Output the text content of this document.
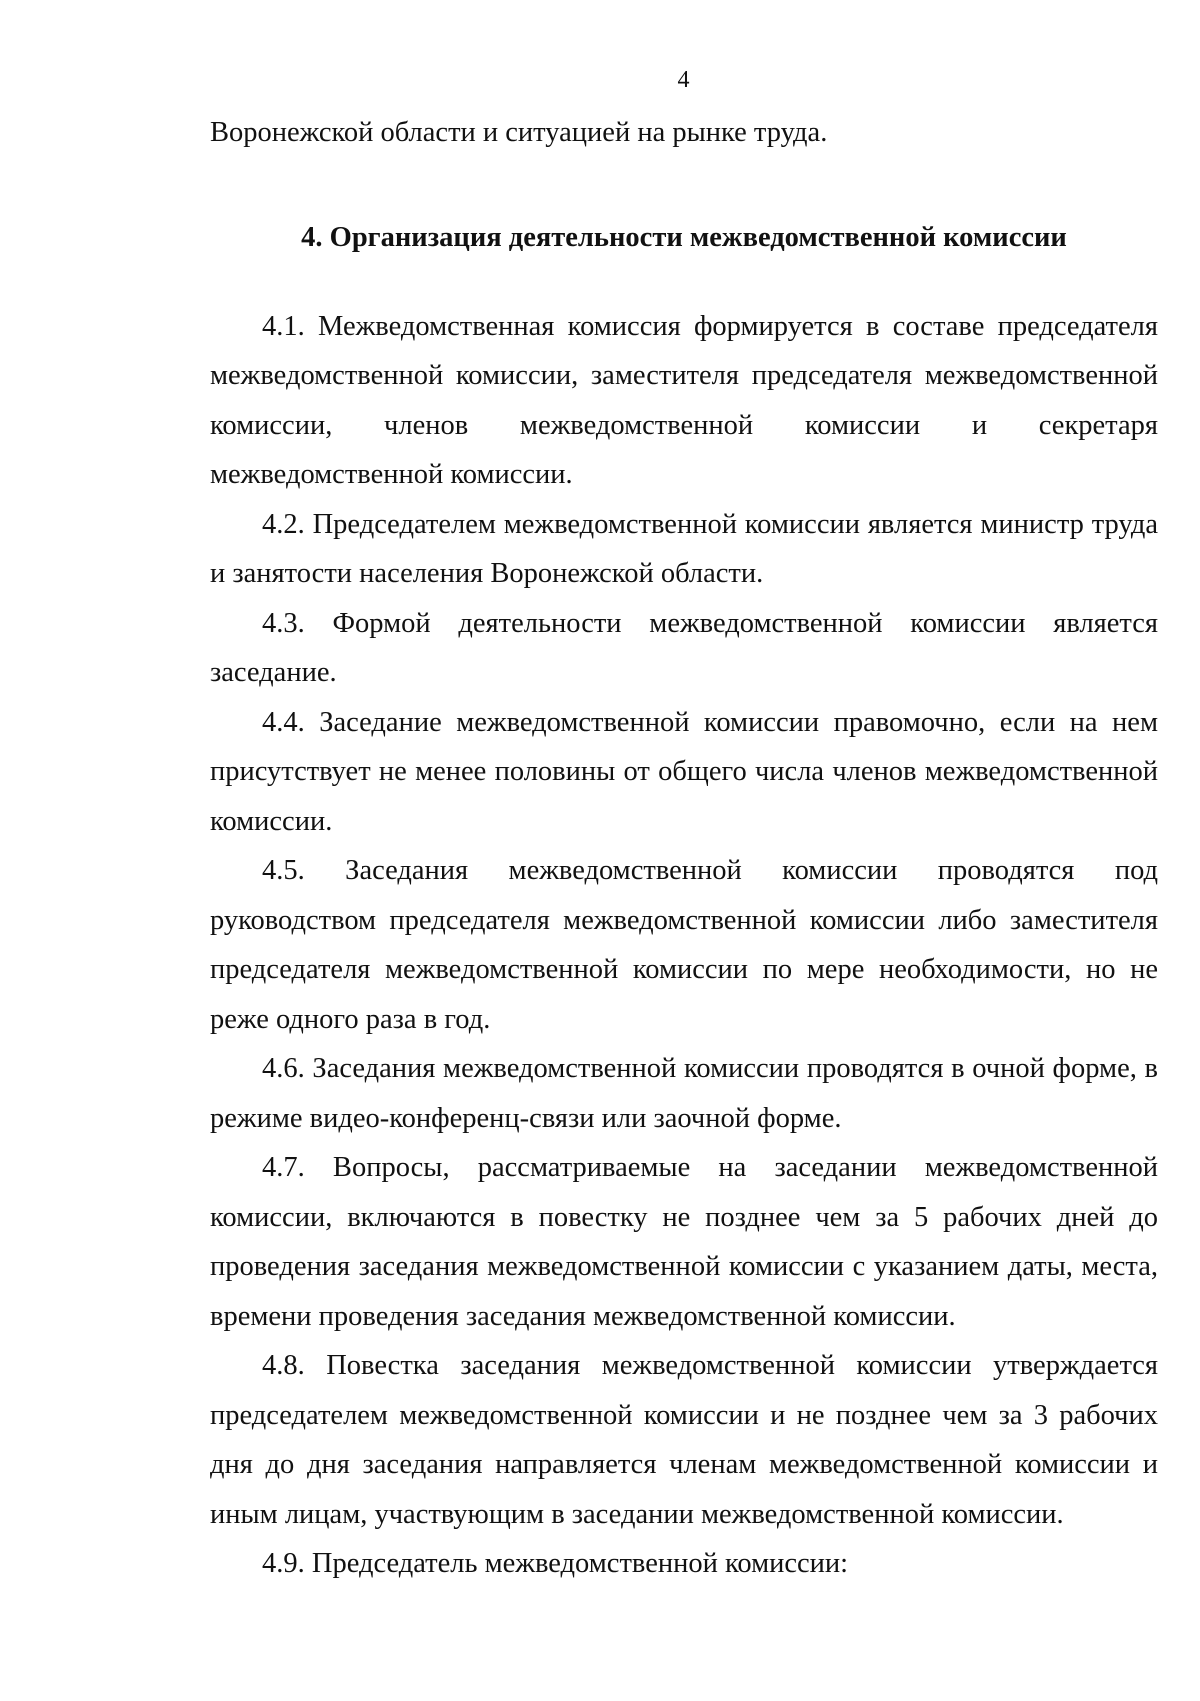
4

Воронежской области и ситуацией на рынке труда.

4. Организация деятельности межведомственной комиссии

4.1. Межведомственная комиссия формируется в составе председателя межведомственной комиссии, заместителя председателя межведомственной комиссии, членов межведомственной комиссии и секретаря межведомственной комиссии.

4.2. Председателем межведомственной комиссии является министр труда и занятости населения Воронежской области.

4.3. Формой деятельности межведомственной комиссии является заседание.

4.4. Заседание межведомственной комиссии правомочно, если на нем присутствует не менее половины от общего числа членов межведомственной комиссии.

4.5. Заседания межведомственной комиссии проводятся под руководством председателя межведомственной комиссии либо заместителя председателя межведомственной комиссии по мере необходимости, но не реже одного раза в год.

4.6. Заседания межведомственной комиссии проводятся в очной форме, в режиме видео-конференц-связи или заочной форме.

4.7. Вопросы, рассматриваемые на заседании межведомственной комиссии, включаются в повестку не позднее чем за 5 рабочих дней до проведения заседания межведомственной комиссии с указанием даты, места, времени проведения заседания межведомственной комиссии.

4.8. Повестка заседания межведомственной комиссии утверждается председателем межведомственной комиссии и не позднее чем за 3 рабочих дня до дня заседания направляется членам межведомственной комиссии и иным лицам, участвующим в заседании межведомственной комиссии.

4.9. Председатель межведомственной комиссии:
